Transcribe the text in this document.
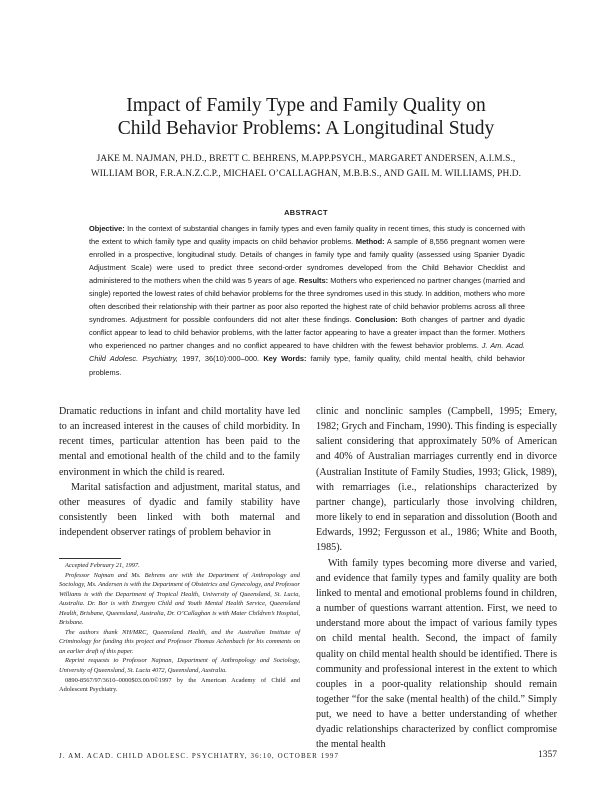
Impact of Family Type and Family Quality on
Child Behavior Problems: A Longitudinal Study
JAKE M. NAJMAN, PH.D., BRETT C. BEHRENS, M.APP.PSYCH., MARGARET ANDERSEN, A.I.M.S.,
WILLIAM BOR, F.R.A.N.Z.C.P., MICHAEL O’CALLAGHAN, M.B.B.S., AND GAIL M. WILLIAMS, PH.D.
ABSTRACT

Objective: In the context of substantial changes in family types and even family quality in recent times, this study is concerned with the extent to which family type and quality impacts on child behavior problems. Method: A sample of 8,556 pregnant women were enrolled in a prospective, longitudinal study. Details of changes in family type and family quality (assessed using Spanier Dyadic Adjustment Scale) were used to predict three second-order syndromes developed from the Child Behavior Checklist and administered to the mothers when the child was 5 years of age. Results: Mothers who experienced no partner changes (married and single) reported the lowest rates of child behavior problems for the three syndromes used in this study. In addition, mothers who more often described their relationship with their partner as poor also reported the highest rate of child behavior problems across all three syndromes. Adjustment for possible confounders did not alter these findings. Conclusion: Both changes of partner and dyadic conflict appear to lead to child behavior problems, with the latter factor appearing to have a greater impact than the former. Mothers who experienced no partner changes and no conflict appeared to have children with the fewest behavior problems. J. Am. Acad. Child Adolesc. Psychiatry, 1997, 36(10):000–000. Key Words: family type, family quality, child mental health, child behavior problems.

Dramatic reductions in infant and child mortality have led to an increased interest in the causes of child morbidity. In recent times, particular attention has been paid to the mental and emotional health of the child and to the family environment in which the child is reared.

Marital satisfaction and adjustment, marital status, and other measures of dyadic and family stability have consistently been linked with both maternal and independent observer ratings of problem behavior in

Accepted February 21, 1997.

Professor Najman and Ms. Behrens are with the Department of Anthropology and Sociology, Ms. Andersen is with the Department of Obstetrics and Gynecology, and Professor Williams is with the Department of Tropical Health, University of Queensland, St. Lucia, Australia. Dr. Bor is with Energym Child and Youth Mental Health Service, Queensland Health, Brisbane, Queensland, Australia, Dr. O’Callaghan is with Mater Children’s Hospital, Brisbane.

The authors thank NH/MRC, Queensland Health, and the Australian Institute of Criminology for funding this project and Professor Thomas Achenbach for his comments on an earlier draft of this paper.

Reprint requests to Professor Najman, Department of Anthropology and Sociology, University of Queensland, St. Lucia 4072, Queensland, Australia.

0890-8567/97/3610–0000$03.00/0©1997 by the American Academy of Child and Adolescent Psychiatry.

clinic and nonclinic samples (Campbell, 1995; Emery, 1982; Grych and Fincham, 1990). This finding is especially salient considering that approximately 50% of American and 40% of Australian marriages currently end in divorce (Australian Institute of Family Studies, 1993; Glick, 1989), with remarriages (i.e., relationships characterized by partner change), particularly those involving children, more likely to end in separation and dissolution (Booth and Edwards, 1992; Fergusson et al., 1986; White and Booth, 1985).

With family types becoming more diverse and varied, and evidence that family types and family quality are both linked to mental and emotional problems found in children, a number of questions warrant attention. First, we need to understand more about the impact of various family types on child mental health. Second, the impact of family quality on child mental health should be identified. There is community and professional interest in the extent to which couples in a poor-quality relationship should remain together “for the sake (mental health) of the child.” Simply put, we need to have a better understanding of whether dyadic relationships characterized by conflict compromise the mental health

J. AM. ACAD. CHILD ADOLESC. PSYCHIATRY, 36:10, OCTOBER 1997	1357
